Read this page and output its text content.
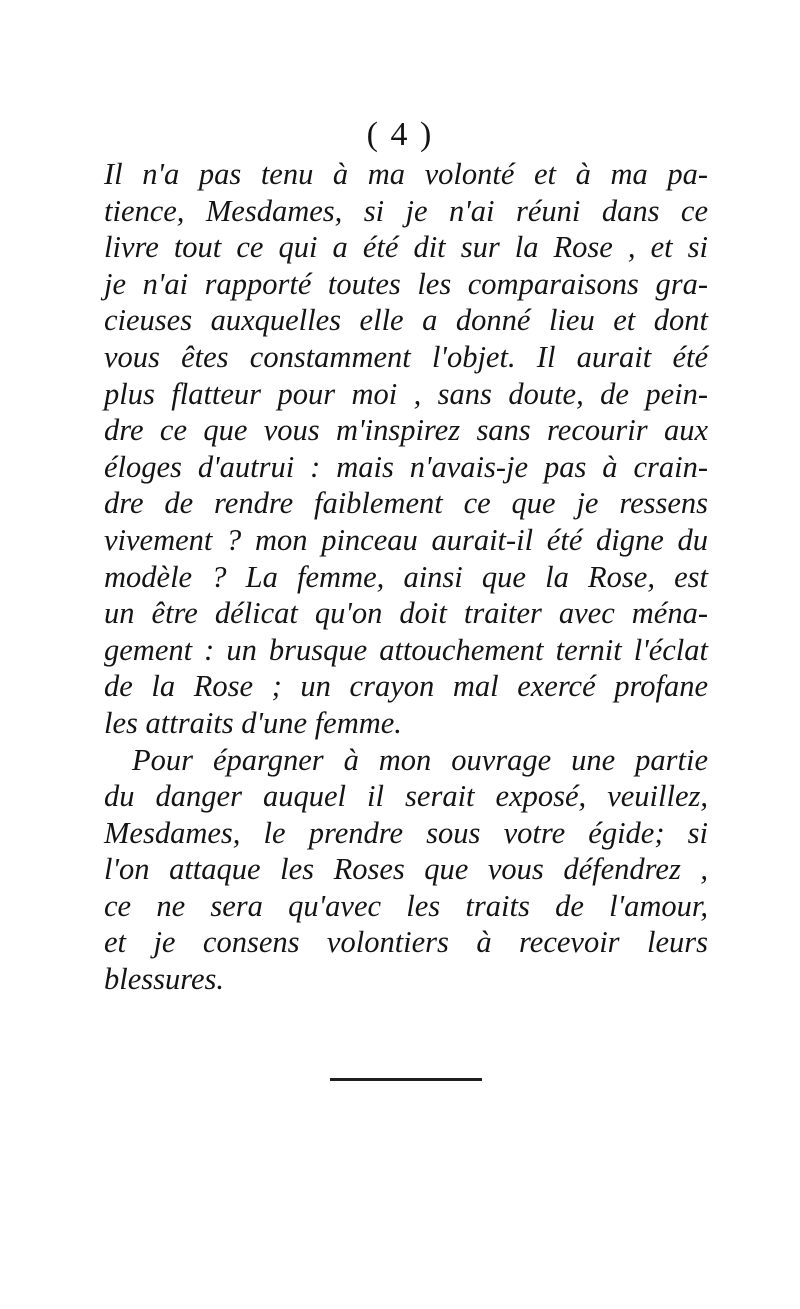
( 4 )
Il n'a pas tenu à ma volonté et à ma pa-
tience, Mesdames, si je n'ai réuni dans ce
livre tout ce qui a été dit sur la Rose , et si
je n'ai rapporté toutes les comparaisons gra-
cieuses auxquelles elle a donné lieu et dont
vous êtes constamment l'objet. Il aurait été
plus flatteur pour moi , sans doute, de pein-
dre ce que vous m'inspirez sans recourir aux
éloges d'autrui : mais n'avais-je pas à crain-
dre de rendre faiblement ce que je ressens
vivement ? mon pinceau aurait-il été digne du
modèle ? La femme, ainsi que la Rose, est
un être délicat qu'on doit traiter avec ména-
gement : un brusque attouchement ternit l'éclat
de la Rose ; un crayon mal exercé profane
les attraits d'une femme.
Pour épargner à mon ouvrage une partie
du danger auquel il serait exposé, veuillez,
Mesdames, le prendre sous votre égide; si
l'on attaque les Roses que vous défendrez ,
ce ne sera qu'avec les traits de l'amour,
et je consens volontiers à recevoir leurs
blessures.
